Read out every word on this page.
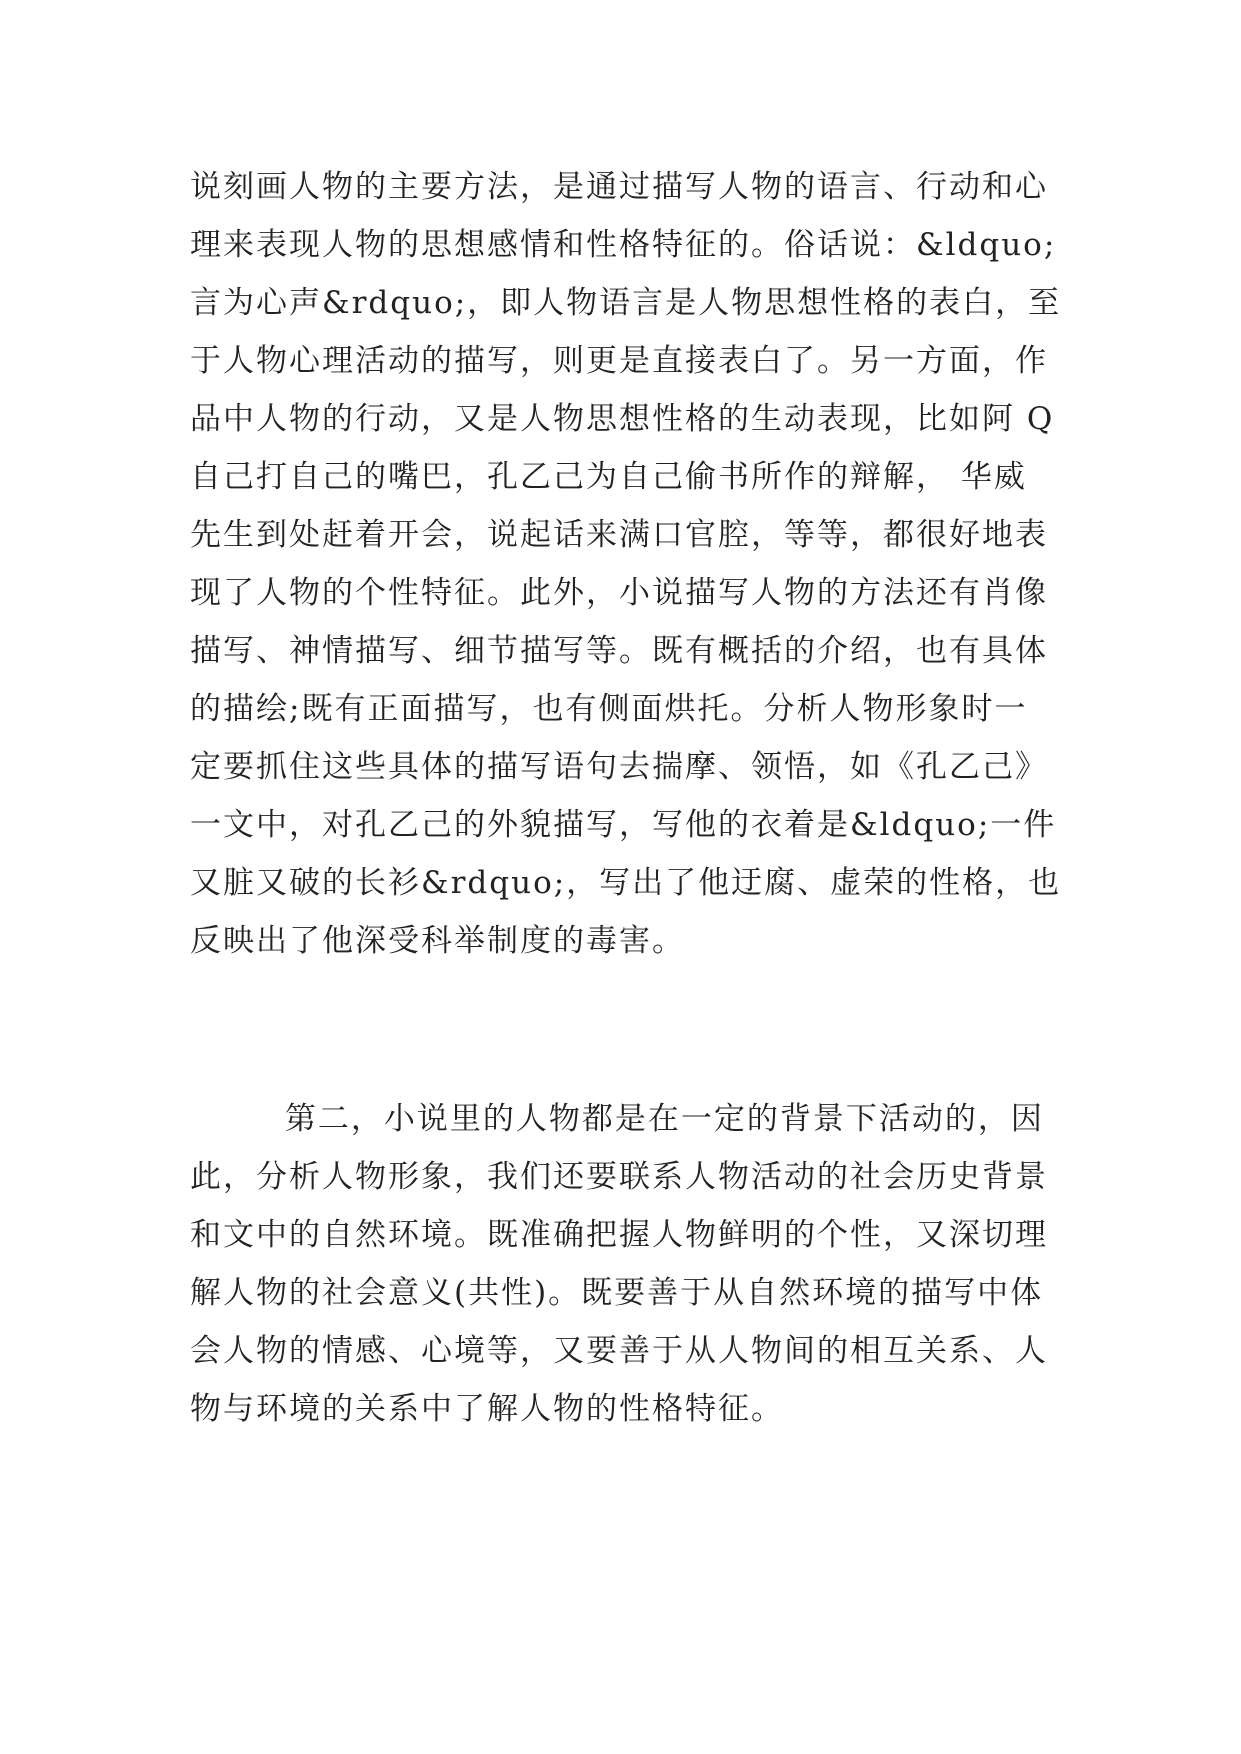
说刻画人物的主要方法，是通过描写人物的语言、行动和心
理来表现人物的思想感情和性格特征的。俗话说：&ldquo;
言为心声&rdquo;，即人物语言是人物思想性格的表白，至
于人物心理活动的描写，则更是直接表白了。另一方面，作
品中人物的行动，又是人物思想性格的生动表现，比如阿 Q
自己打自己的嘴巴，孔乙己为自己偷书所作的辩解， 华威
先生到处赶着开会，说起话来满口官腔，等等，都很好地表
现了人物的个性特征。此外，小说描写人物的方法还有肖像
描写、神情描写、细节描写等。既有概括的介绍，也有具体
的描绘;既有正面描写，也有侧面烘托。分析人物形象时一
定要抓住这些具体的描写语句去揣摩、领悟，如《孔乙己》
一文中，对孔乙己的外貌描写，写他的衣着是&ldquo;一件
又脏又破的长衫&rdquo;，写出了他迂腐、虚荣的性格，也
反映出了他深受科举制度的毒害。
第二，小说里的人物都是在一定的背景下活动的，因
此，分析人物形象，我们还要联系人物活动的社会历史背景
和文中的自然环境。既准确把握人物鲜明的个性，又深切理
解人物的社会意义(共性)。既要善于从自然环境的描写中体
会人物的情感、心境等，又要善于从人物间的相互关系、人
物与环境的关系中了解人物的性格特征。
